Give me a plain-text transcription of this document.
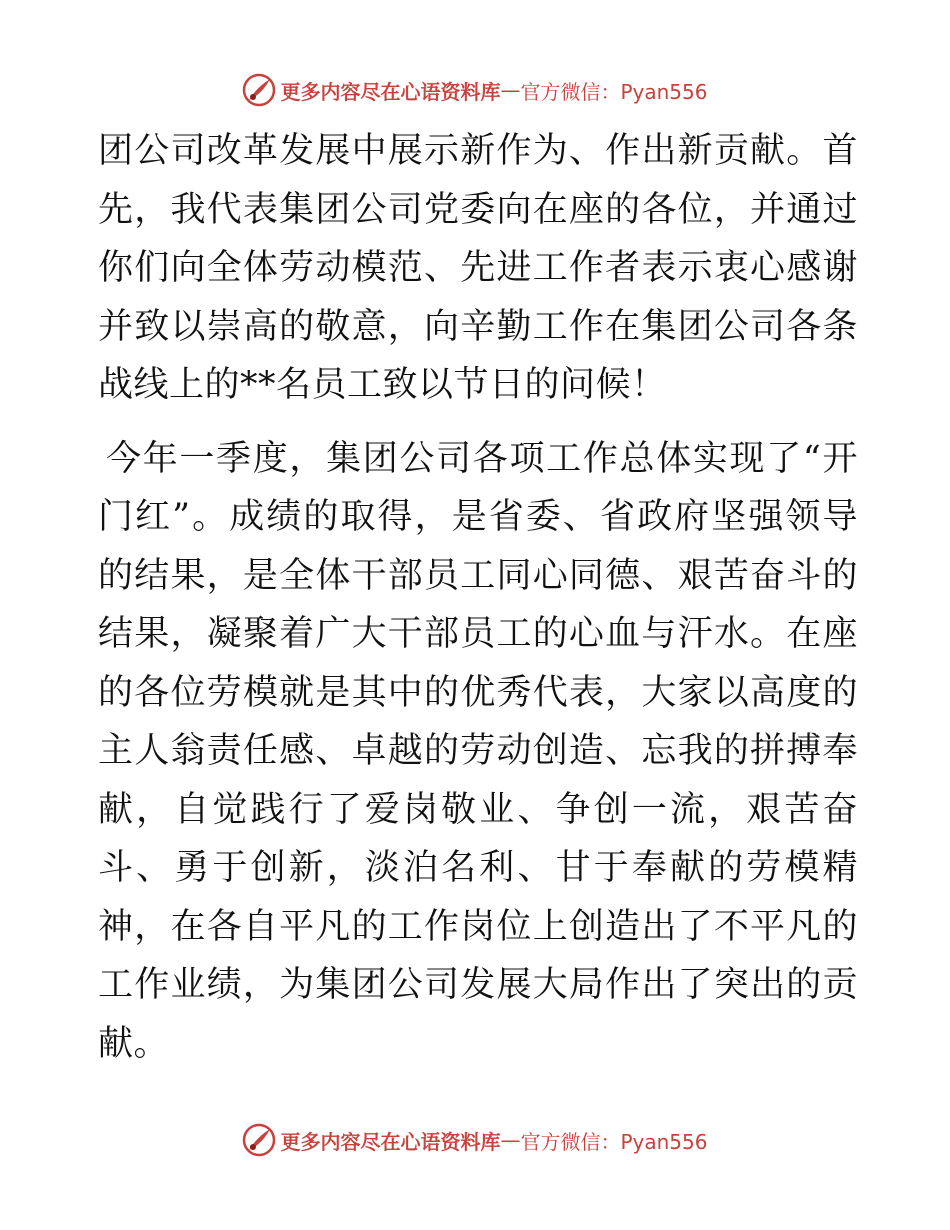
更多内容尽在心语资料库 — 官方微信：Pyan556

团公司改革发展中展示新作为、作出新贡献。首先，我代表集团公司党委向在座的各位，并通过你们向全体劳动模范、先进工作者表示衷心感谢并致以崇高的敬意，向辛勤工作在集团公司各条战线上的**名员工致以节日的问候！

今年一季度，集团公司各项工作总体实现了“开门红”。成绩的取得，是省委、省政府坚强领导的结果，是全体干部员工同心同德、艰苦奋斗的结果，凝聚着广大干部员工的心血与汗水。在座的各位劳模就是其中的优秀代表，大家以高度的主人翁责任感、卓越的劳动创造、忘我的拼搏奉献，自觉践行了爱岗敬业、争创一流，艰苦奋斗、勇于创新，淡泊名利、甘于奉献的劳模精神，在各自平凡的工作岗位上创造出了不平凡的工作业绩，为集团公司发展大局作出了突出的贡献。

更多内容尽在心语资料库 — 官方微信：Pyan556
